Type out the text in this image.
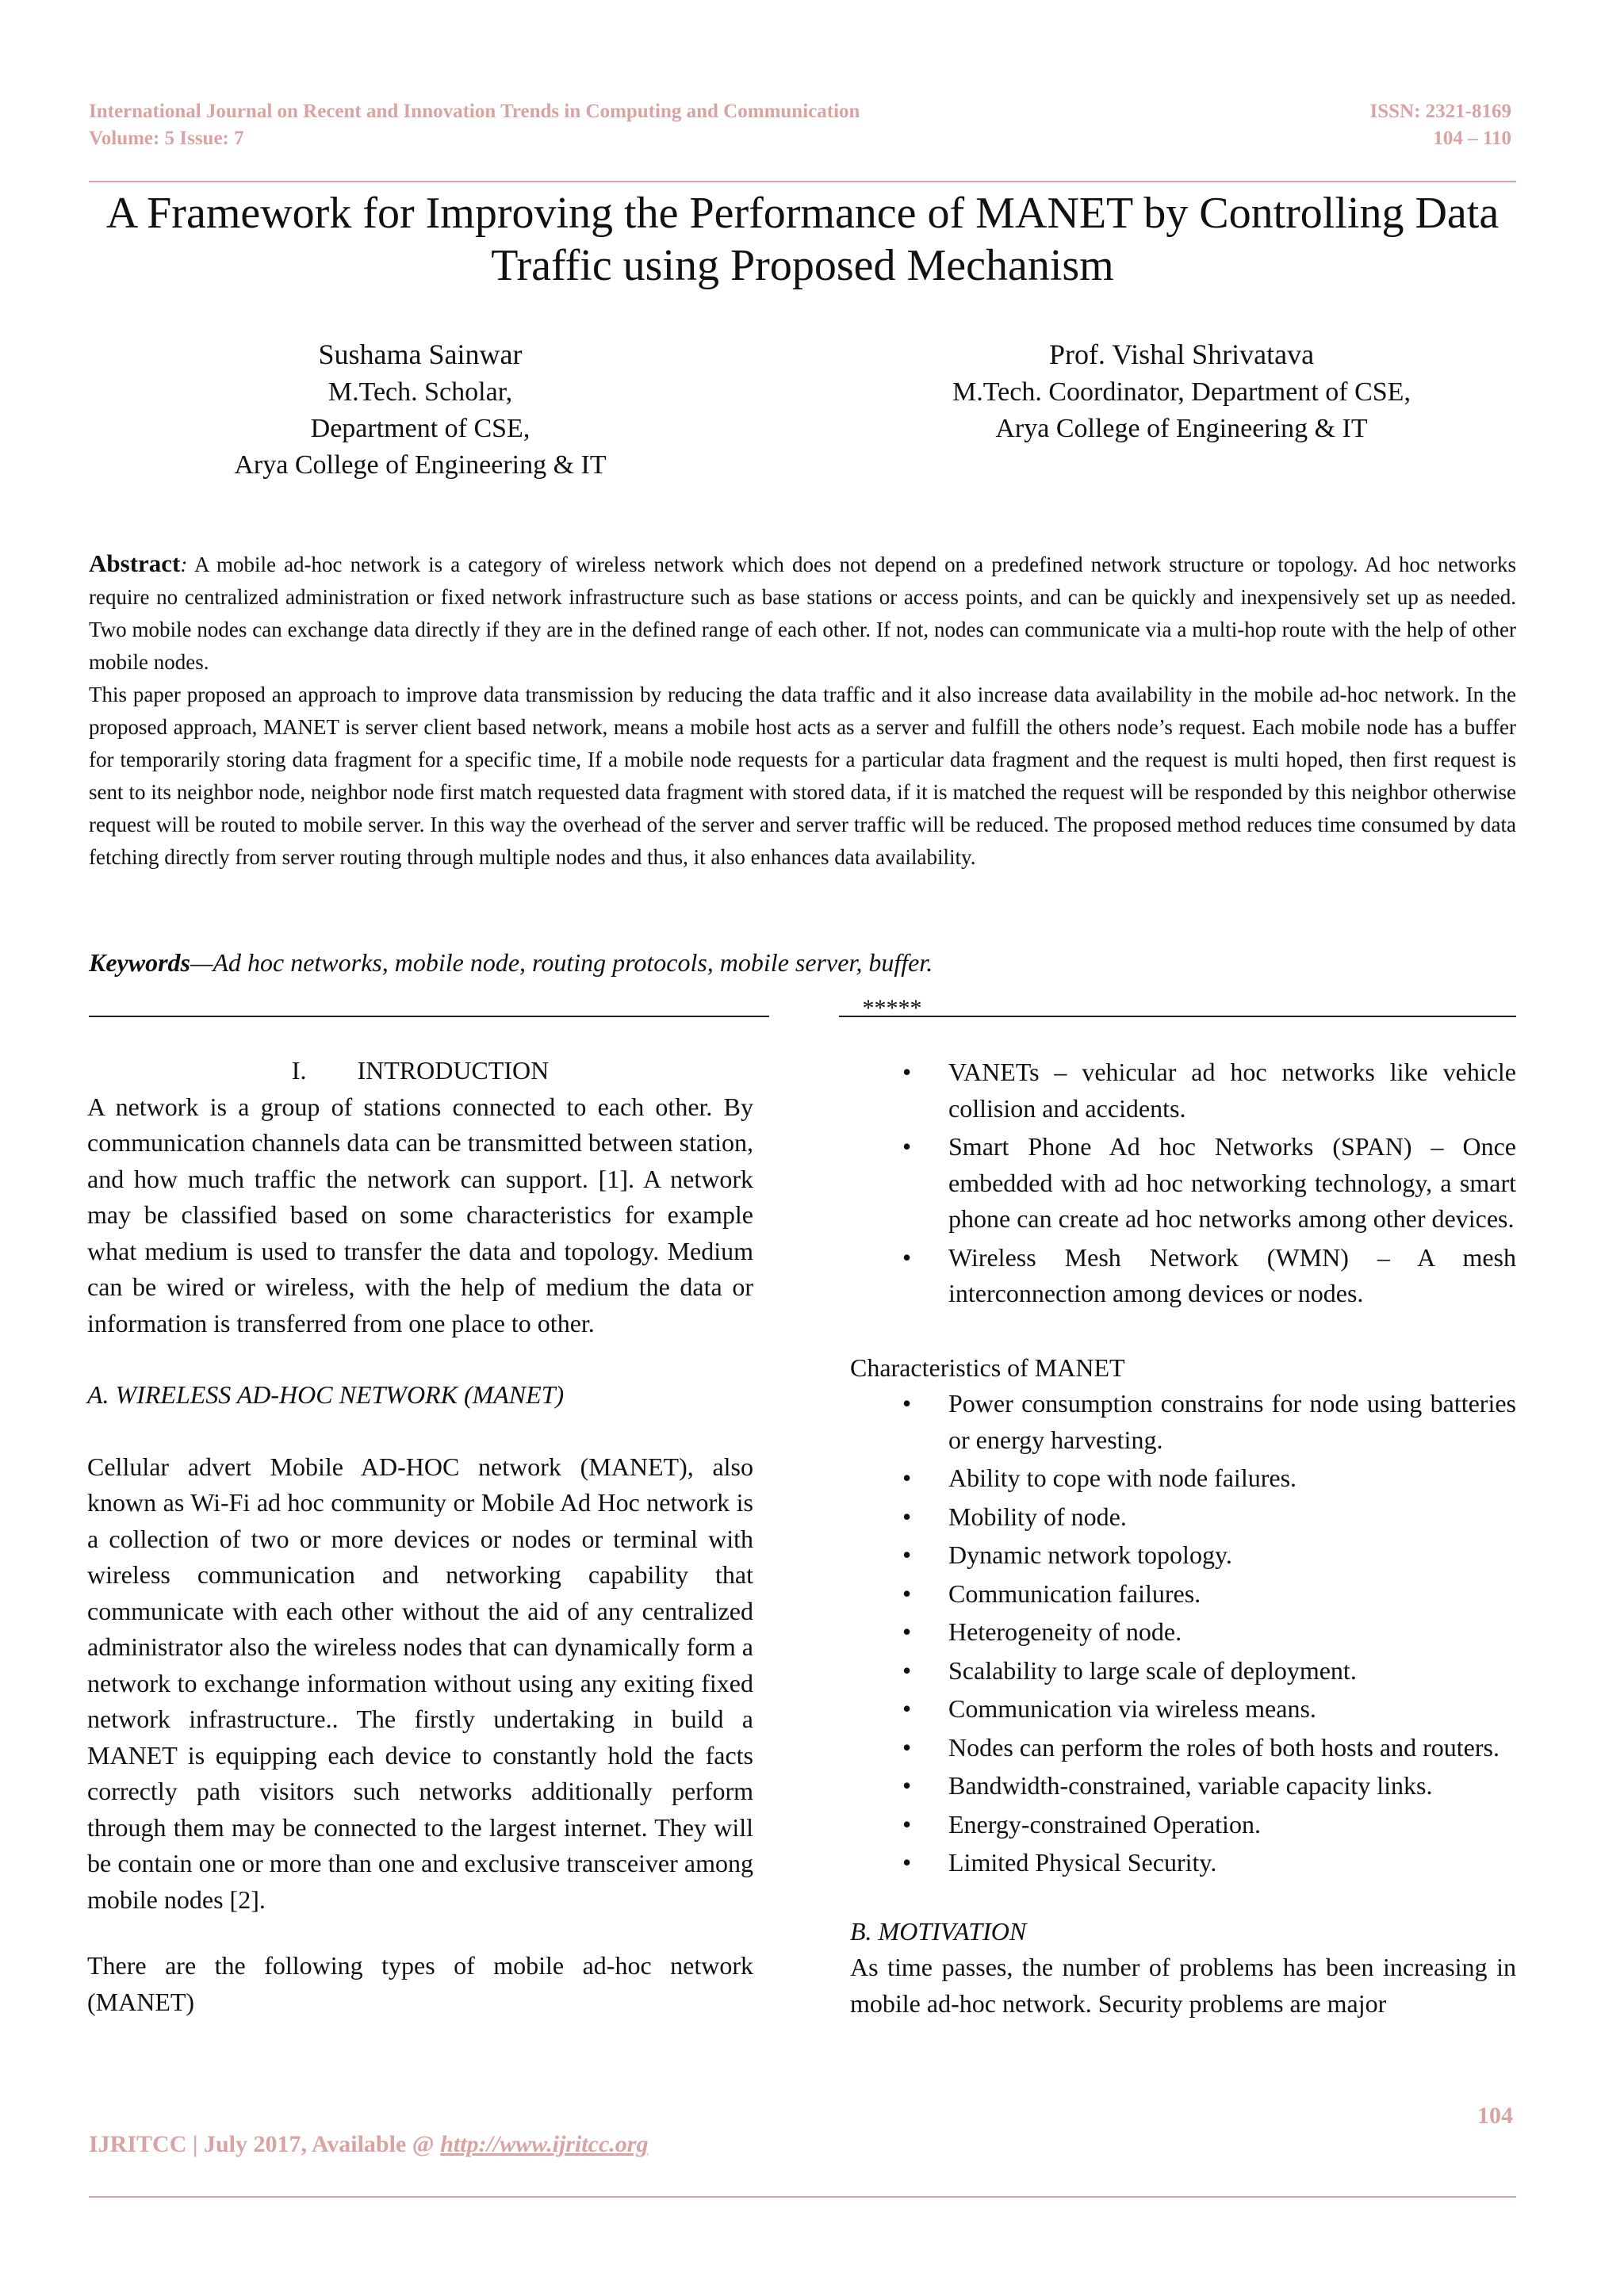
International Journal on Recent and Innovation Trends in Computing and Communication
Volume: 5 Issue: 7
ISSN: 2321-8169
104 – 110
A Framework for Improving the Performance of MANET by Controlling Data
Traffic using Proposed Mechanism
Sushama Sainwar
M.Tech. Scholar,
Department of CSE,
Arya College of Engineering & IT
Prof. Vishal Shrivatava
M.Tech. Coordinator, Department of CSE,
Arya College of Engineering & IT

Abstract: A mobile ad-hoc network is a category of wireless network which does not depend on a predefined network structure or topology. Ad hoc networks require no centralized administration or fixed network infrastructure such as base stations or access points, and can be quickly and inexpensively set up as needed. Two mobile nodes can exchange data directly if they are in the defined range of each other. If not, nodes can communicate via a multi-hop route with the help of other mobile nodes.

This paper proposed an approach to improve data transmission by reducing the data traffic and it also increase data availability in the mobile ad-hoc network. In the proposed approach, MANET is server client based network, means a mobile host acts as a server and fulfill the others node’s request. Each mobile node has a buffer for temporarily storing data fragment for a specific time, If a mobile node requests for a particular data fragment and the request is multi hoped, then first request is sent to its neighbor node, neighbor node first match requested data fragment with stored data, if it is matched the request will be responded by this neighbor otherwise request will be routed to mobile server. In this way the overhead of the server and server traffic will be reduced. The proposed method reduces time consumed by data fetching directly from server routing through multiple nodes and thus, it also enhances data availability.

Keywords—Ad hoc networks, mobile node, routing protocols, mobile server, buffer.
*****

I. INTRODUCTION

A network is a group of stations connected to each other. By communication channels data can be transmitted between station, and how much traffic the network can support. [1]. A network may be classified based on some characteristics for example what medium is used to transfer the data and topology. Medium can be wired or wireless, with the help of medium the data or information is transferred from one place to other.

A. WIRELESS AD-HOC NETWORK (MANET)

Cellular advert Mobile AD-HOC network (MANET), also known as Wi-Fi ad hoc community or Mobile Ad Hoc network is a collection of two or more devices or nodes or terminal with wireless communication and networking capability that communicate with each other without the aid of any centralized administrator also the wireless nodes that can dynamically form a network to exchange information without using any exiting fixed network infrastructure.. The firstly undertaking in build a MANET is equipping each device to constantly hold the facts correctly path visitors such networks additionally perform through them may be connected to the largest internet. They will be contain one or more than one and exclusive transceiver among mobile nodes [2].

There are the following types of mobile ad-hoc network (MANET)

• VANETs – vehicular ad hoc networks like vehicle collision and accidents.
• Smart Phone Ad hoc Networks (SPAN) – Once embedded with ad hoc networking technology, a smart phone can create ad hoc networks among other devices.
• Wireless Mesh Network (WMN) – A mesh interconnection among devices or nodes.

Characteristics of MANET

• Power consumption constrains for node using batteries or energy harvesting.
• Ability to cope with node failures.
• Mobility of node.
• Dynamic network topology.
• Communication failures.
• Heterogeneity of node.
• Scalability to large scale of deployment.
• Communication via wireless means.
• Nodes can perform the roles of both hosts and routers.
• Bandwidth-constrained, variable capacity links.
• Energy-constrained Operation.
• Limited Physical Security.

B. MOTIVATION

As time passes, the number of problems has been increasing in mobile ad-hoc network. Security problems are major

104
IJRITCC | July 2017, Available @ http://www.ijritcc.org
